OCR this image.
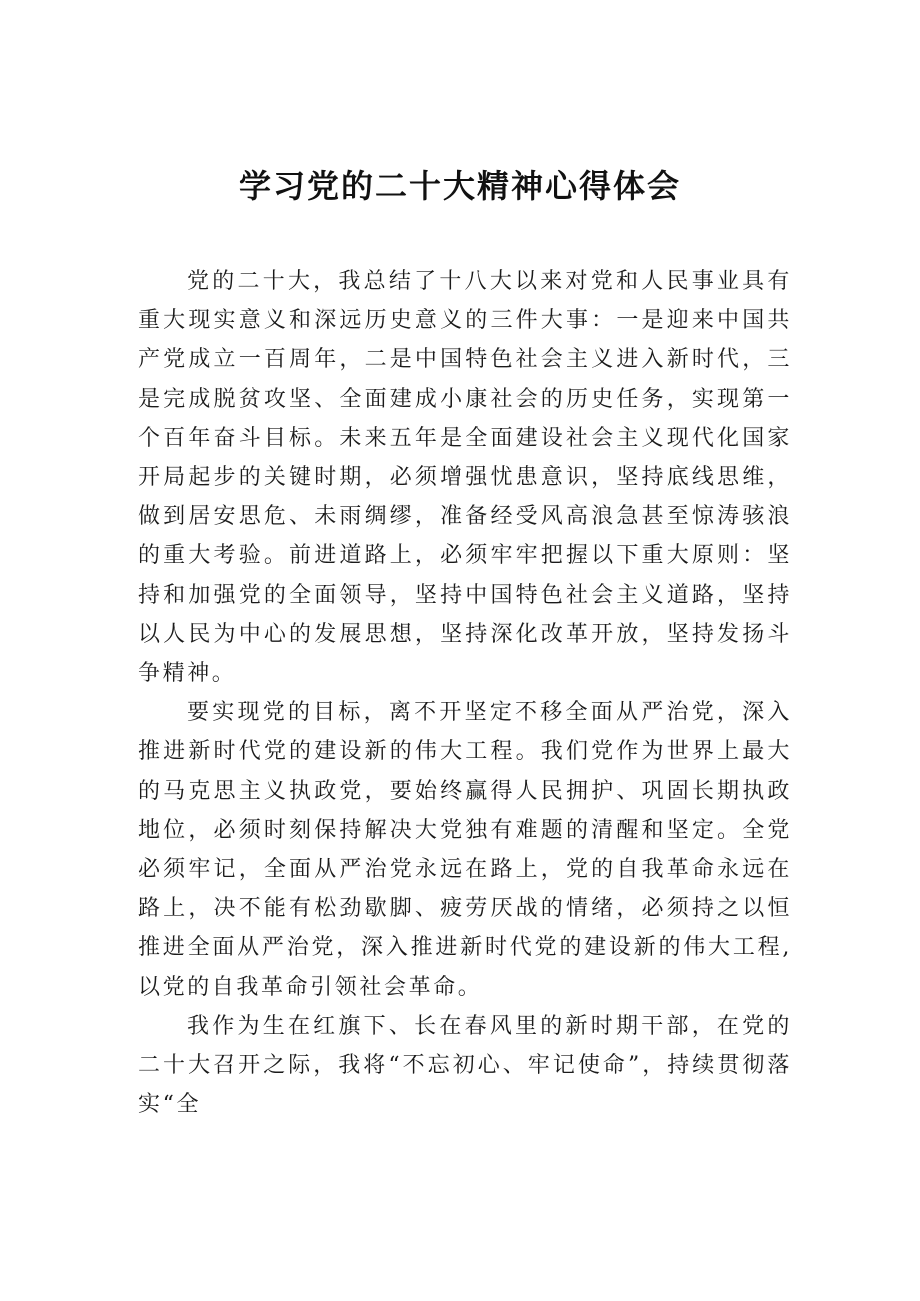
学习党的二十大精神心得体会

党的二十大，我总结了十八大以来对党和人民事业具有重大现实意义和深远历史意义的三件大事：一是迎来中国共产党成立一百周年，二是中国特色社会主义进入新时代，三是完成脱贫攻坚、全面建成小康社会的历史任务，实现第一个百年奋斗目标。未来五年是全面建设社会主义现代化国家开局起步的关键时期，必须增强忧患意识，坚持底线思维，做到居安思危、未雨绸缪，准备经受风高浪急甚至惊涛骇浪的重大考验。前进道路上，必须牢牢把握以下重大原则：坚持和加强党的全面领导，坚持中国特色社会主义道路，坚持以人民为中心的发展思想，坚持深化改革开放，坚持发扬斗争精神。

要实现党的目标，离不开坚定不移全面从严治党，深入推进新时代党的建设新的伟大工程。我们党作为世界上最大的马克思主义执政党，要始终赢得人民拥护、巩固长期执政地位，必须时刻保持解决大党独有难题的清醒和坚定。全党必须牢记，全面从严治党永远在路上，党的自我革命永远在路上，决不能有松劲歇脚、疲劳厌战的情绪，必须持之以恒推进全面从严治党，深入推进新时代党的建设新的伟大工程,以党的自我革命引领社会革命。

我作为生在红旗下、长在春风里的新时期干部，在党的二十大召开之际，我将“不忘初心、牢记使命”，持续贯彻落实“全
